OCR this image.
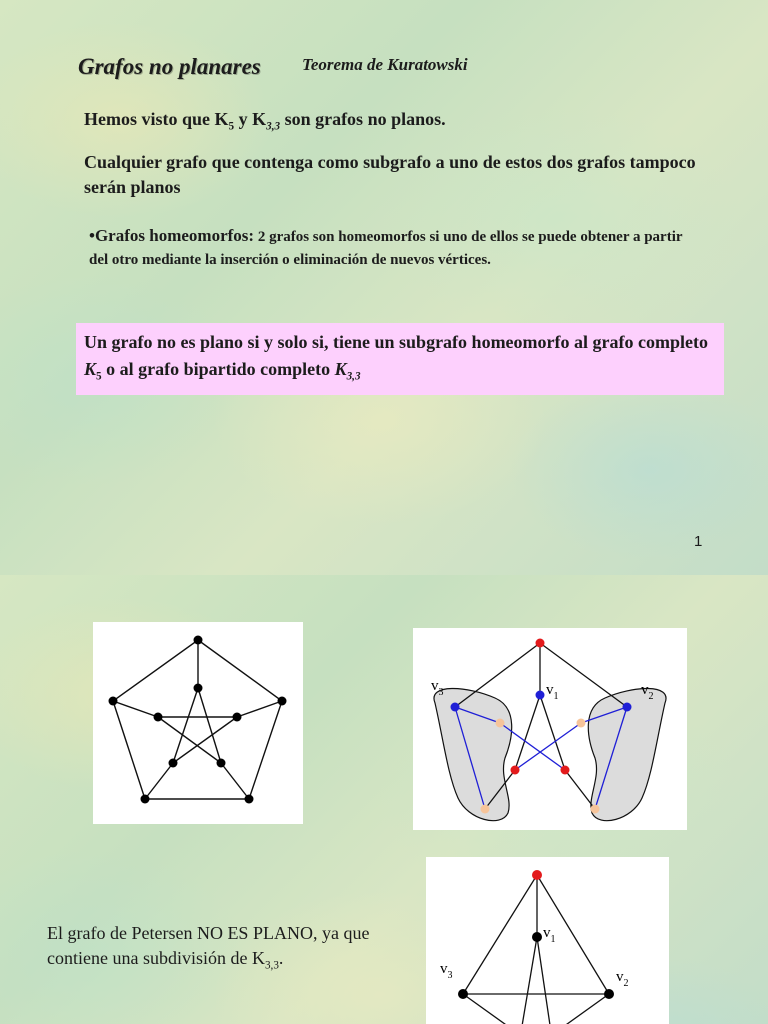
Grafos no planares Teorema de Kuratowski
Hemos visto que $K_5$ y $K_{3,3}$ son grafos no planos.
Cualquier grafo que contenga como subgrafo a uno de estos dos grafos tampoco serán planos
•Grafos homeomorfos: 2 grafos son homeomorfos si uno de ellos se puede obtener a partir del otro mediante la inserción o eliminación de nuevos vértices.
Un grafo no es plano si y solo si, tiene un subgrafo homeomorfo al grafo completo $K_5$ o al grafo bipartido completo $K_{3,3}$
1
$v_3$	$v_1$	$v_2$
$v_1$
$v_3$	$v_2$
El grafo de Petersen NO ES PLANO, ya que contiene una subdivisión de $K_{3,3}$.
